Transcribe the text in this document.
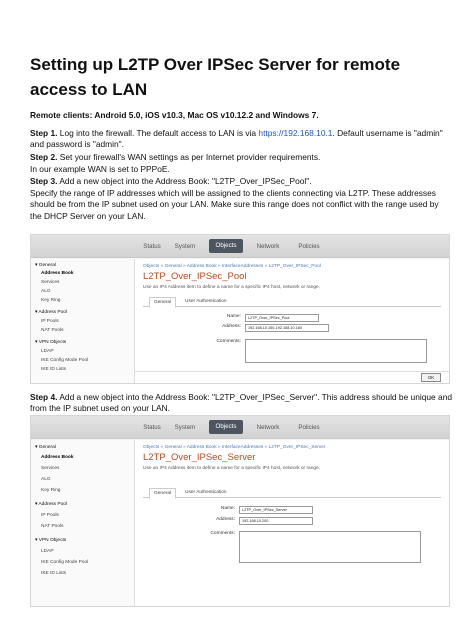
Setting up L2TP Over IPSec Server for remote access to LAN

Remote clients: Android 5.0, iOS v10.3, Mac OS v10.12.2 and Windows 7.

Step 1. Log into the firewall. The default access to LAN is via https://192.168.10.1. Default username is "admin" and password is "admin".

Step 2. Set your firewall's WAN settings as per Internet provider requirements.

In our example WAN is set to PPPoE.

Step 3. Add a new object into the Address Book: "L2TP_Over_IPSec_Pool".

Specify the range of IP addresses which will be assigned to the clients connecting via L2TP. These addresses should be from the IP subnet used on your LAN. Make sure this range does not conflict with the range used by the DHCP Server on your LAN.

Status	System	Objects	Network	Policies
▾ General
Address Book
Services
ALG
Key Ring
▾ Address Pool
IP Pools
NAT Pools
▾ VPN Objects
LDAP
IKE Config Mode Pool
IKE ID Lists
Objects » General » Address Book » InterfaceAddresses » L2TP_Over_IPSec_Pool
L2TP_Over_IPSec_Pool
Use an IP4 Address item to define a name for a specific IP4 host, network or range.
General	User Authentication
Name:	L2TP_Over_IPSec_Pool
Address:	192.168.10.150-192.168.10.160
Comments:
OK

Step 4. Add a new object into the Address Book: "L2TP_Over_IPSec_Server". This address should be unique and from the IP subnet used on your LAN.

Status	System	Objects	Network	Policies
▾ General
Address Book
Services
ALG
Key Ring
▾ Address Pool
IP Pools
NAT Pools
▾ VPN Objects
LDAP
IKE Config Mode Pool
IKE ID Lists
Objects » General » Address Book » InterfaceAddresses » L2TP_Over_IPSec_Server
L2TP_Over_IPSec_Server
Use an IP4 Address item to define a name for a specific IP4 host, network or range.
General	User Authentication
Name:	L2TP_Over_IPSec_Server
Address:	192.168.10.200
Comments:
